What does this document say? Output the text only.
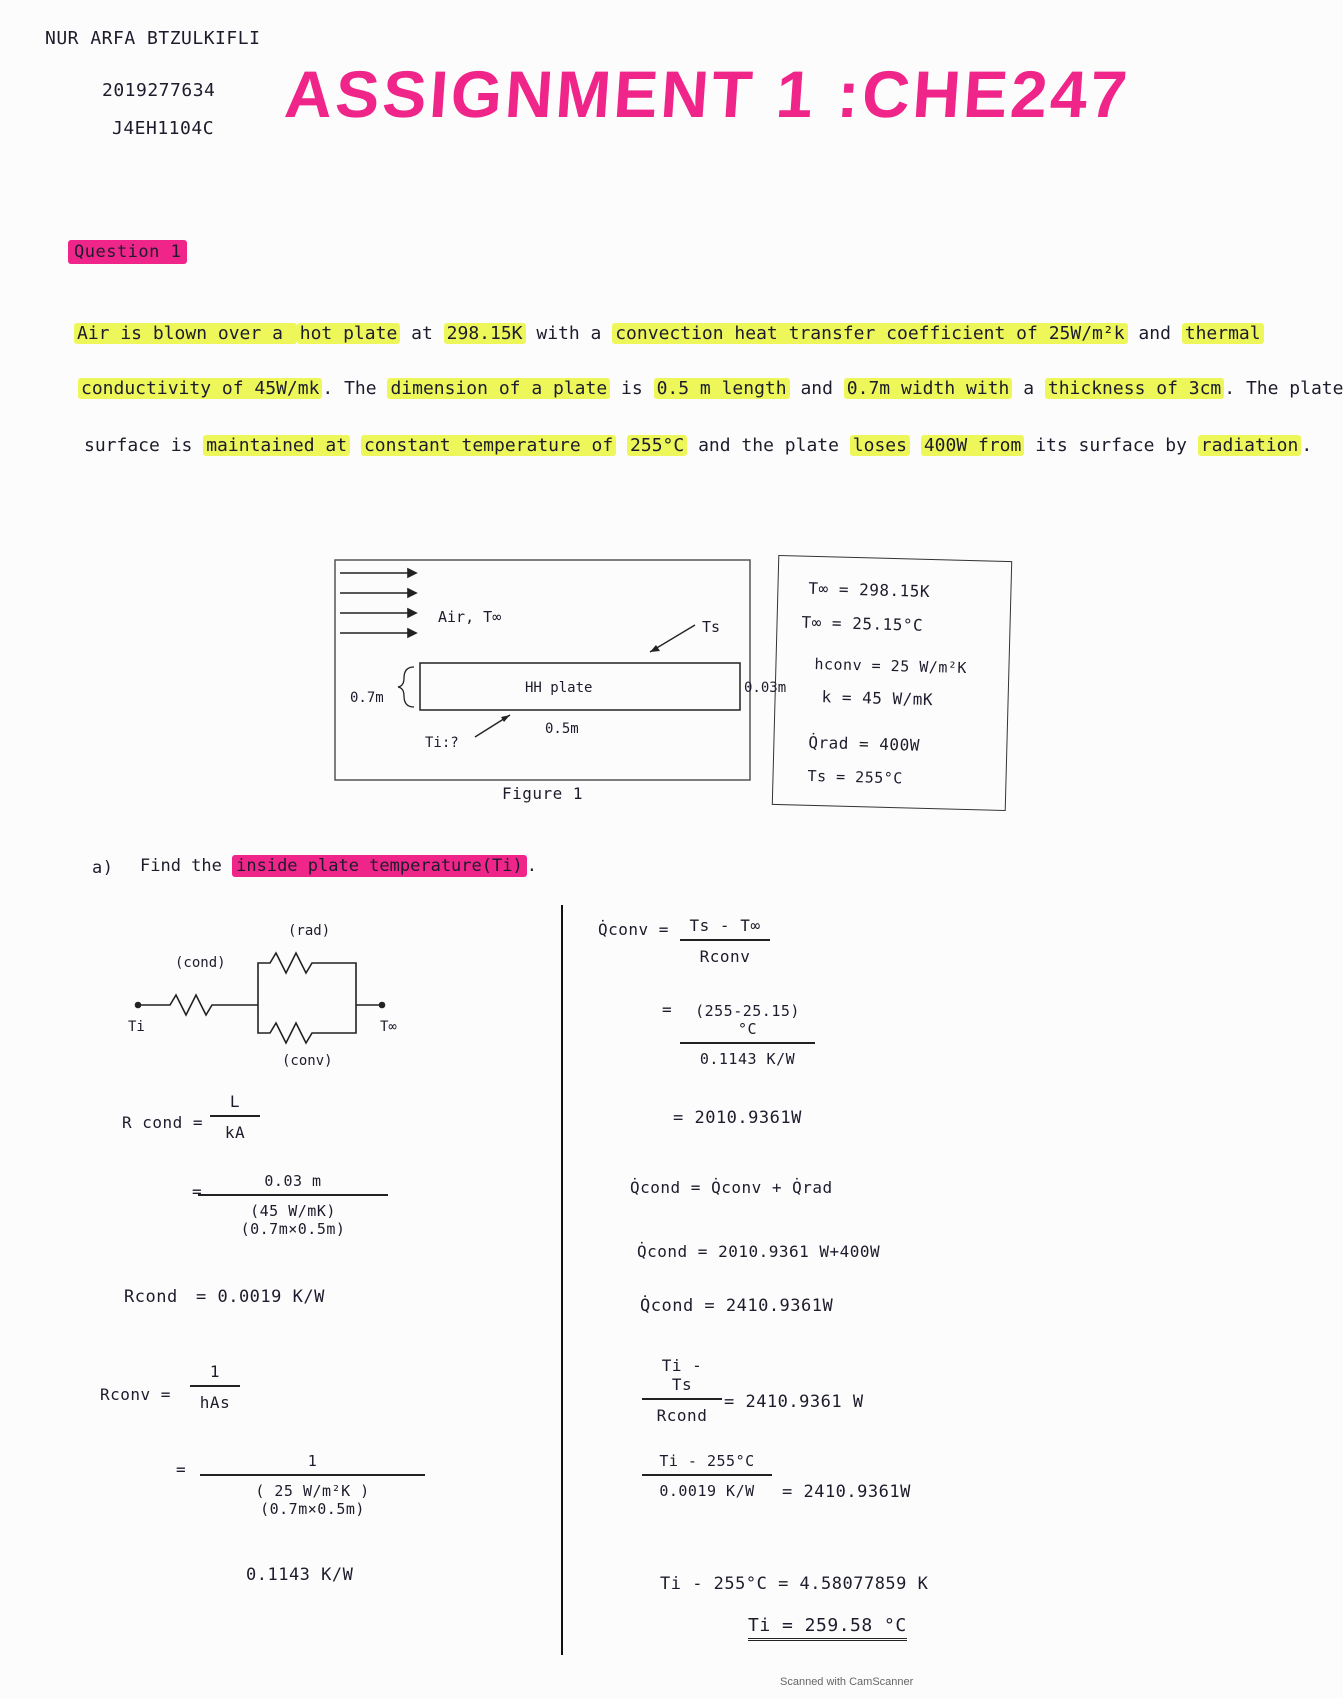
NUR ARFA BTZULKIFLI
2019277634
J4EH1104C ASSIGNMENT 1 :CHE247
Question 1
Air is blown over a hot plate at 298.15K with a convection heat transfer coefficient of 25W/m²k and thermal
conductivity of 45W/mk . The dimension of a plate is 0.5 m length and 0.7m width with a thickness of 3cm . The plate
surface is maintained at constant temperature of 255°C and the plate loses 400W from its surface by radiation .
Air, T∞
Ts
HH plate
0.7m
0.03m
0.5m
Ti:?
Figure 1
T∞ = 298.15K
T∞ = 25.15°C
hconv = 25 W/m²K
k = 45 W/mK
Q̇rad = 400W
Ts = 255°C
a) Find the inside plate temperature(Ti) .
(rad)
(cond)
(conv)
Ti	T∞
R cond = $\frac{L}{kA}$
=
$\frac{0.03 m}{(45 W/mK) (0.7m\times 0.5m)}$
Rcond = 0.0019 K/W
Rconv =
1
hAs
= $\frac{1}{\text{( 25 W/m²K ) (0.7m×0.5m)}}$
0.1143 K/W
Q̇conv =	Ts - T∞
Rconv
= $\frac{(255-25.15)^\circ C}{0.1143 K/W}$
= 2010.9361W
Q̇cond = Q̇conv + Q̇rad
Q̇cond = 2010.9361 W+400W
Q̇cond = 2410.9361W
Ti - Ts
Rcond
= 2410.9361 W
$\frac{Ti - 255^\circ C}{0.0019 K/W} = 2410.9361W$
Ti - 255°C = 4.58077859 K
Ti = 259.58 °C
Scanned with CamScanner
